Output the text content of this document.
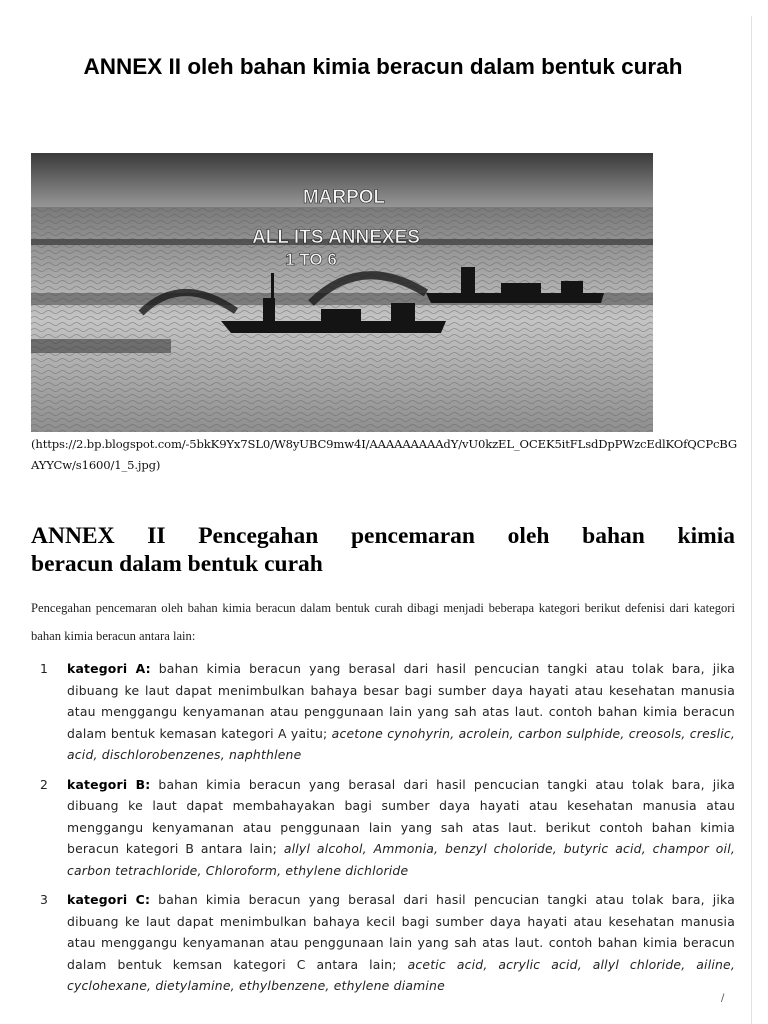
ANNEX II oleh bahan kimia beracun dalam bentuk curah
MARPOL
ALL ITS ANNEXES
1 TO 6
(https://2.bp.blogspot.com/-5bkK9Yx7SL0/W8yUBC9mw4I/AAAAAAAAAdY/vU0kzEL_OCEK5itFLsdDpPWzcEdlKOfQCPcBGAYYCw/s1600/1_5.jpg)
ANNEX II Pencegahan pencemaran oleh bahan kimia
beracun dalam bentuk curah

Pencegahan pencemaran oleh bahan kimia beracun dalam bentuk curah dibagi menjadi beberapa kategori berikut defenisi dari kategori bahan kimia beracun antara lain:

1 kategori A: bahan kimia beracun yang berasal dari hasil pencucian tangki atau tolak bara, jika dibuang ke laut dapat menimbulkan bahaya besar bagi sumber daya hayati atau kesehatan manusia atau menggangu kenyamanan atau penggunaan lain yang sah atas laut. contoh bahan kimia beracun dalam bentuk kemasan kategori A yaitu; acetone cynohyrin, acrolein, carbon sulphide, creosols, creslic, acid, dischlorobenzenes, naphthlene

2 kategori B: bahan kimia beracun yang berasal dari hasil pencucian tangki atau tolak bara, jika dibuang ke laut dapat membahayakan bagi sumber daya hayati atau kesehatan manusia atau menggangu kenyamanan atau penggunaan lain yang sah atas laut. berikut contoh bahan kimia beracun kategori B antara lain; allyl alcohol, Ammonia, benzyl choloride, butyric acid, champor oil, carbon tetrachloride, Chloroform, ethylene dichloride

3 kategori C: bahan kimia beracun yang berasal dari hasil pencucian tangki atau tolak bara, jika dibuang ke laut dapat menimbulkan bahaya kecil bagi sumber daya hayati atau kesehatan manusia atau menggangu kenyamanan atau penggunaan lain yang sah atas laut. contoh bahan kimia beracun dalam bentuk kemsan kategori C antara lain; acetic acid, acrylic acid, allyl chloride, ailine, cyclohexane, dietylamine, ethylbenzene, ethylene diamine

/
